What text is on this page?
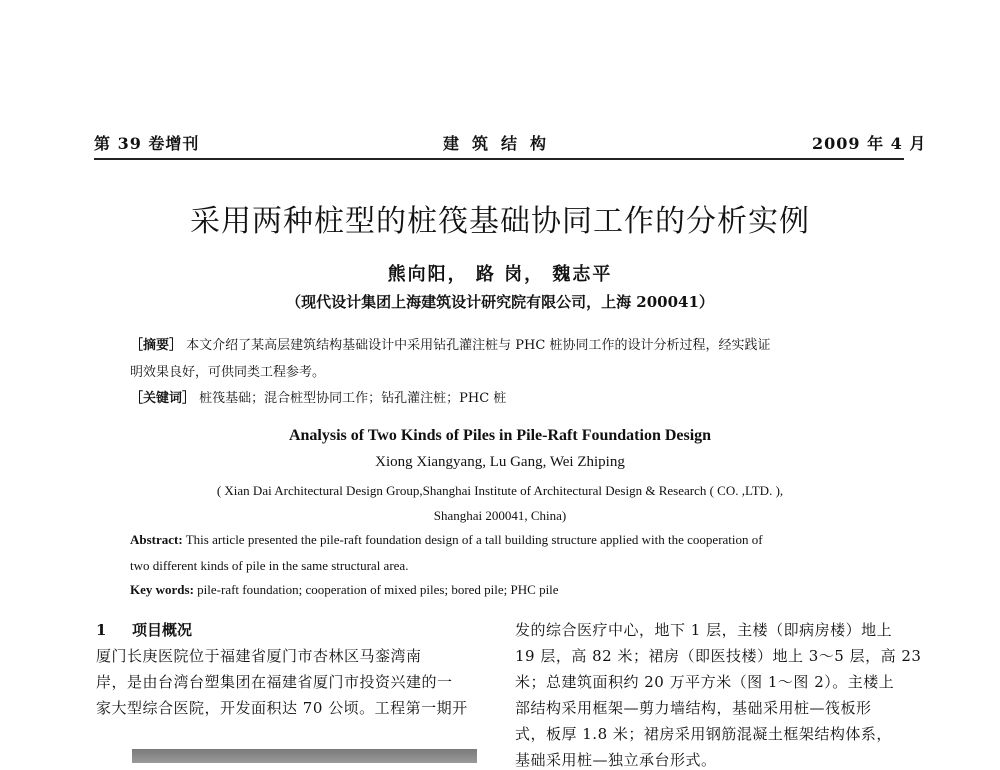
第 39 卷增刊	建筑结构	2009 年 4 月
采用两种桩型的桩筏基础协同工作的分析实例
熊向阳， 路 岗， 魏志平
（现代设计集团上海建筑设计研究院有限公司，上海 200041）
［摘要］ 本文介绍了某高层建筑结构基础设计中采用钻孔灌注桩与 PHC 桩协同工作的设计分析过程，经实践证
明效果良好，可供同类工程参考。
［关键词］ 桩筏基础；混合桩型协同工作；钻孔灌注桩；PHC 桩
Analysis of Two Kinds of Piles in Pile-Raft Foundation Design
Xiong Xiangyang, Lu Gang, Wei Zhiping
( Xian Dai Architectural Design Group,Shanghai Institute of Architectural Design & Research ( CO. ,LTD. ),
Shanghai 200041, China)
Abstract: This article presented the pile-raft foundation design of a tall building structure applied with the cooperation of
two different kinds of pile in the same structural area.
Key words: pile-raft foundation; cooperation of mixed piles; bored pile; PHC pile
1 项目概况
厦门长庚医院位于福建省厦门市杏林区马銮湾南
岸，是由台湾台塑集团在福建省厦门市投资兴建的一
家大型综合医院，开发面积达 70 公顷。工程第一期开
发的综合医疗中心，地下 1 层，主楼（即病房楼）地上
19 层，高 82 米；裙房（即医技楼）地上 3～5 层，高 23
米；总建筑面积约 20 万平方米（图 1～图 2）。主楼上
部结构采用框架—剪力墙结构，基础采用桩—筏板形
式，板厚 1.8 米；裙房采用钢筋混凝土框架结构体系，
基础采用桩—独立承台形式。
